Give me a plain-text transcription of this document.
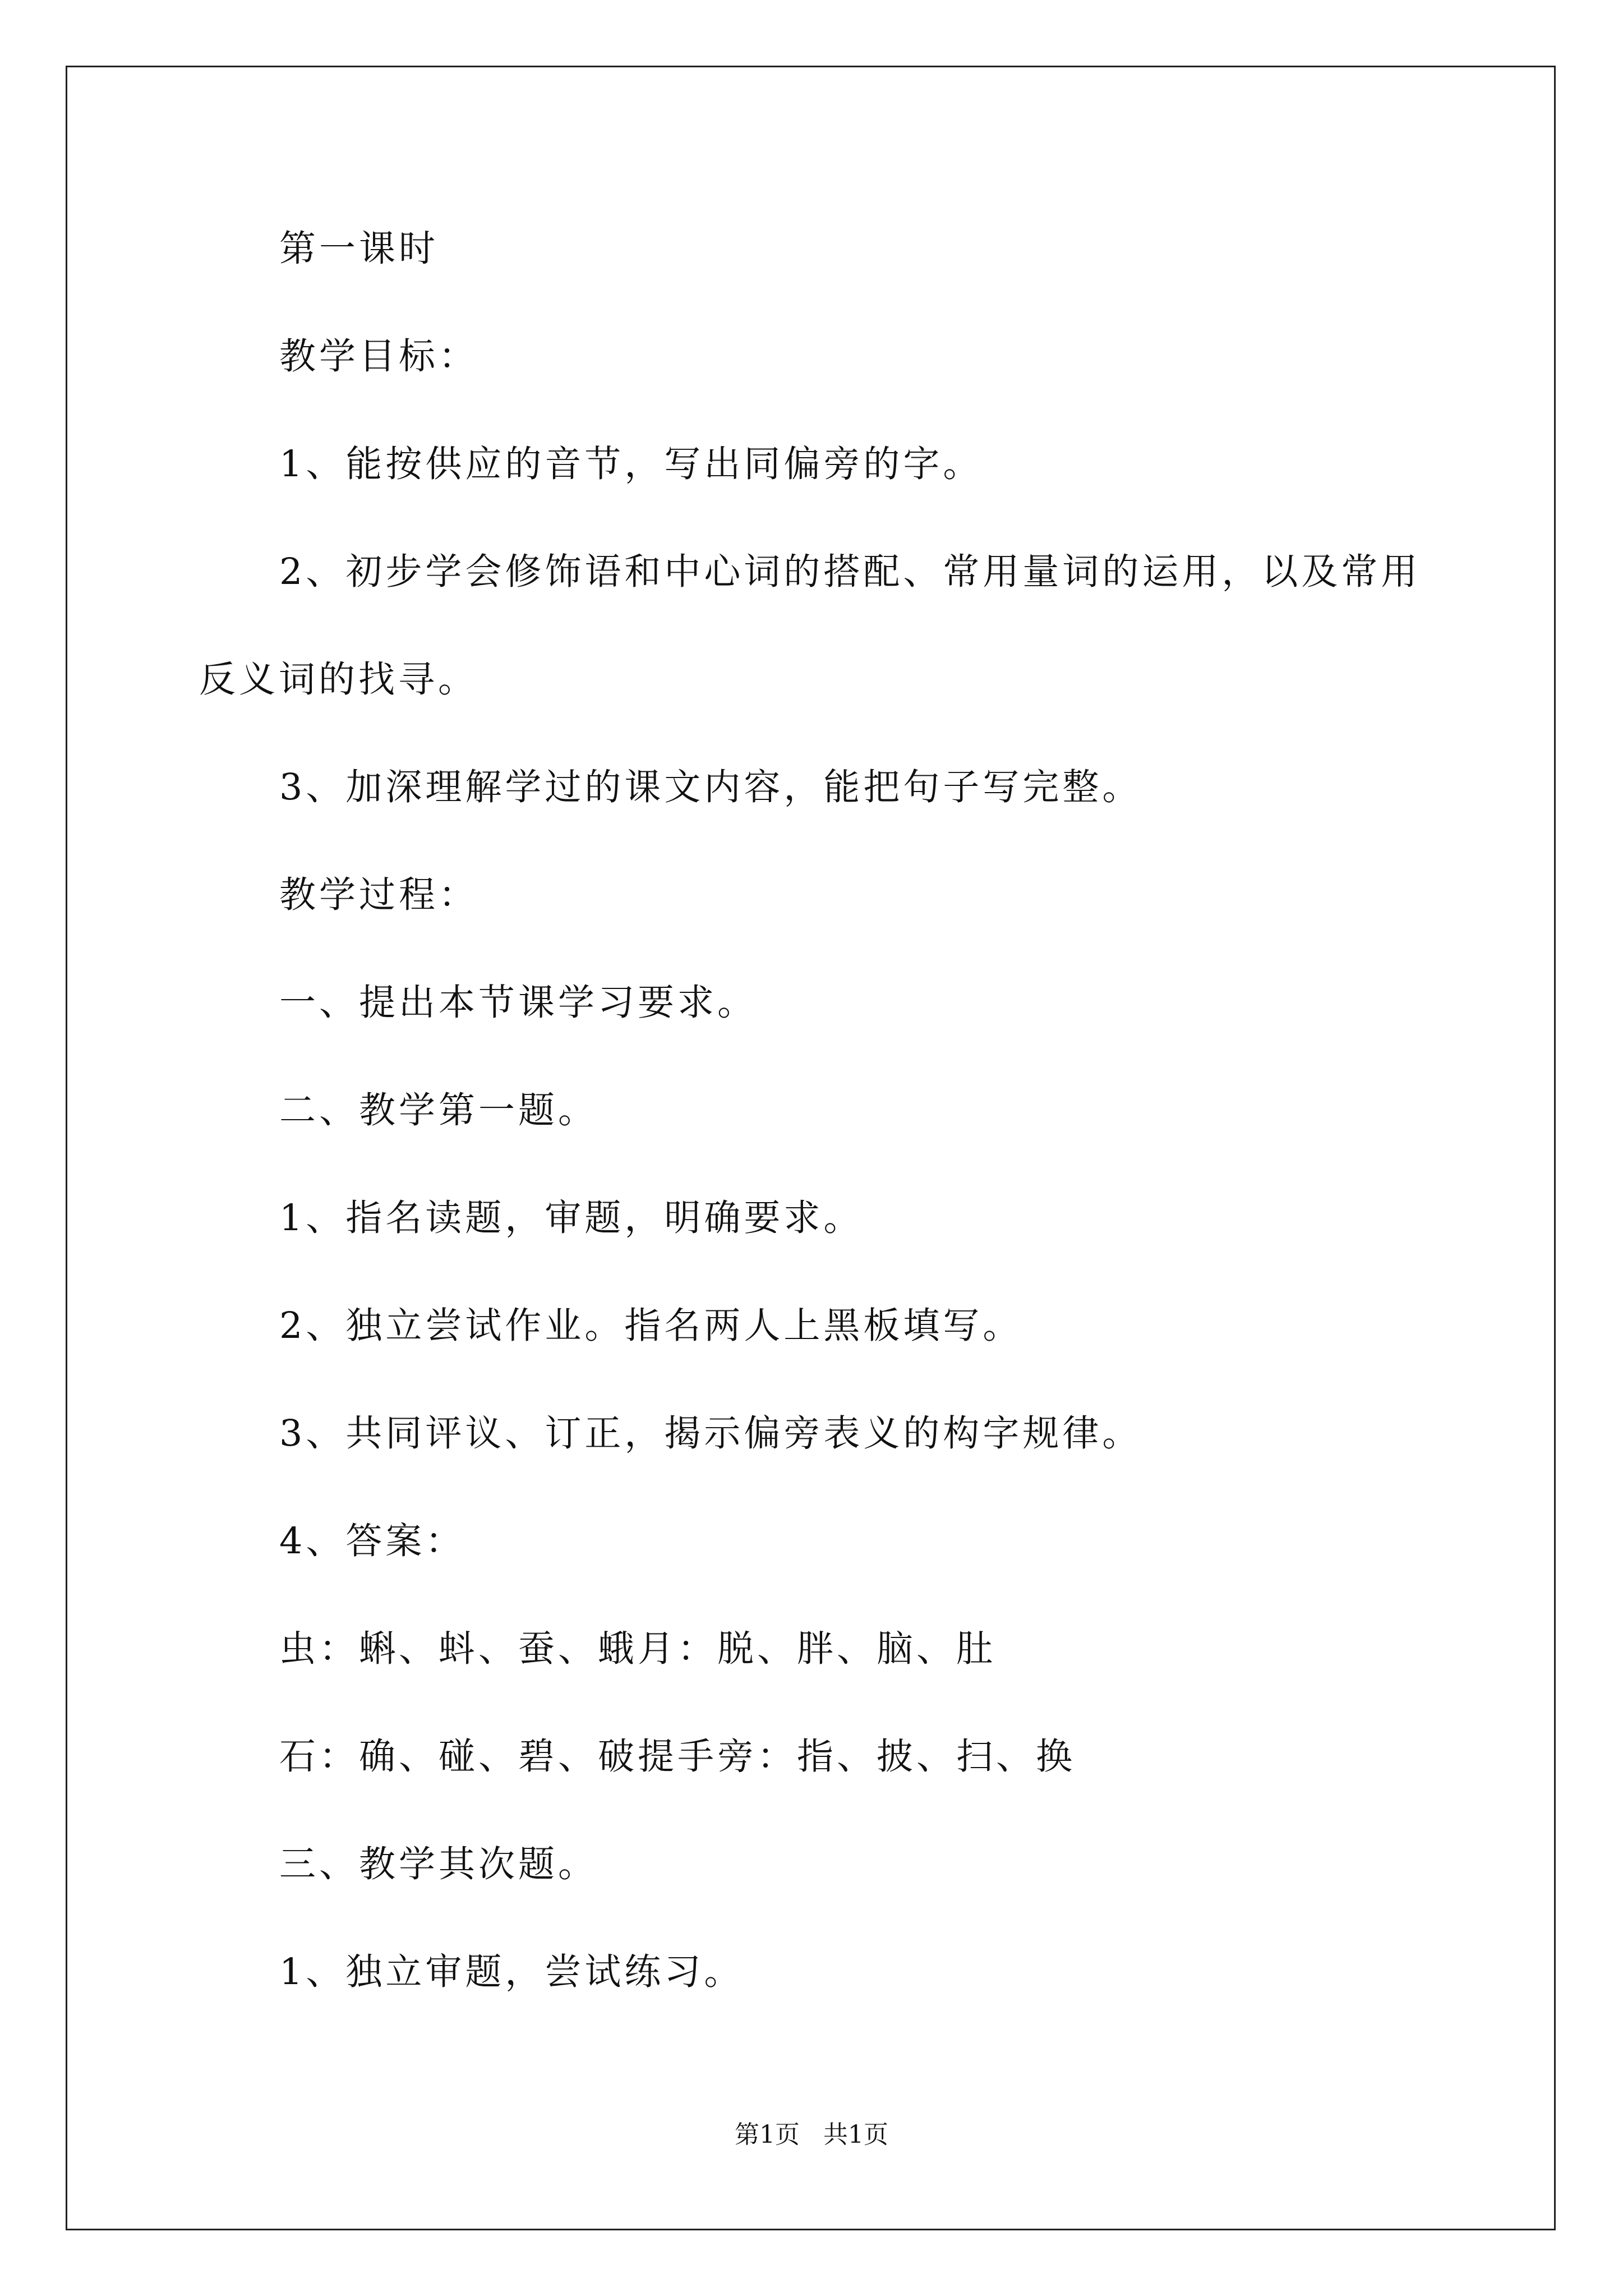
第一课时
教学目标：
1、能按供应的音节，写出同偏旁的字。
2、初步学会修饰语和中心词的搭配、常用量词的运用，以及常用
反义词的找寻。
3、加深理解学过的课文内容，能把句子写完整。
教学过程：
一、提出本节课学习要求。
二、教学第一题。
1、指名读题，审题，明确要求。
2、独立尝试作业。指名两人上黑板填写。
3、共同评议、订正，揭示偏旁表义的构字规律。
4、答案：
虫：蝌、蚪、蚕、蛾月：脱、胖、脑、肚
石：确、碰、碧、破提手旁：指、披、扫、换
三、教学其次题。
1、独立审题，尝试练习。
第1页   共1页
